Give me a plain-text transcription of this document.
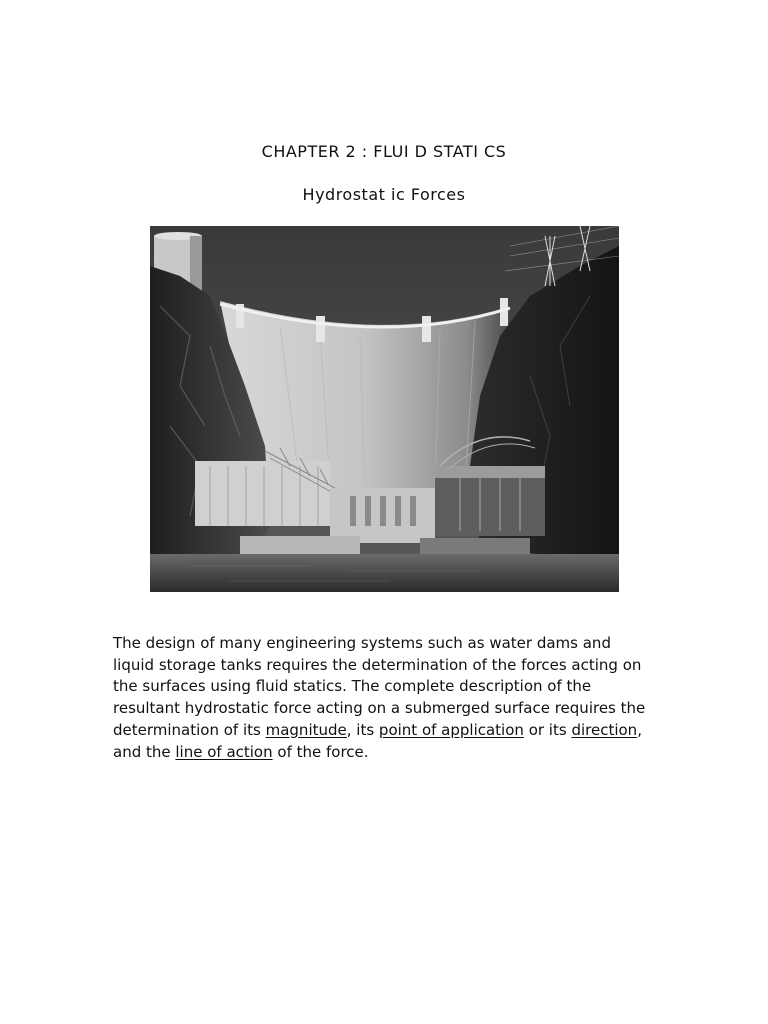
CHAPTER 2 : FLUI D STATI CS
Hydrostat ic Forces

The design of many engineering systems such as water dams and liquid storage tanks requires the determination of the forces acting on the surfaces using fluid statics. The complete description of the resultant hydrostatic force acting on a submerged surface requires the determination of its magnitude, its point of application or its direction, and the line of action of the force.
